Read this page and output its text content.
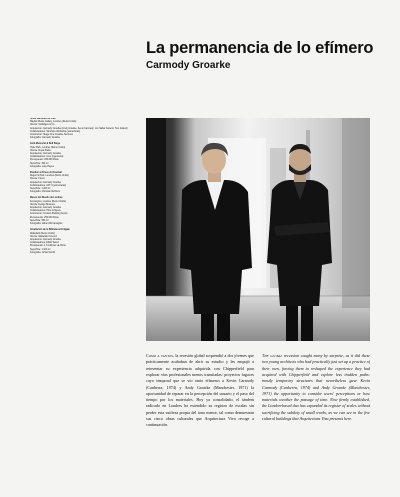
La permanencia de lo efímero
Carmody Groarke
Show Windows Mc Dan
Mayfair Mews Gallery, Londres (Reino Unido)
Cliente: Selfridges & Co.
Arquitectos: Carmody Groarke (Andy Groarke, Kevin Carmody; con Sahar Kazemi, Tom Ireland)
Colaboradores: Structure Workshop (estructuras)
Constructor: Stage One Creative Services
Fotografía: Carmody Groarke
Gold Memorial & Bell Stage
Hyde Park, Londres (Reino Unido)
Cliente: Royal Parks
Arquitectos: Carmody Groarke
Colaboradores: Arup (ingeniería)
Presupuesto: 450.000 libras
Superficie: 300 m²
Fotografía: Luke Hayes
Pavilion at Frieze Art Festival
Regent's Park, Londres (Reino Unido)
Cliente: Frieze
Arquitectos: Carmody Groarke
Colaboradores: AKT II (estructuras)
Superficie: 1.200 m²
Fotografía: Christian Richters
Museo del Diseño de Londres
Kensington, Londres (Reino Unido)
Cliente: Design Museum
Arquitectos: Carmody Groarke
Colaboradores: Price & Myers
Constructor: Coulson Building Group
Presupuesto: 250.000 libras
Superficie: 550 m²
Fotografía: Gilbert McCarragher
Ampliación de la Biblioteca Kirkgate
Wakefield (Reino Unido)
Cliente: Wakefield Council
Arquitectos: Carmody Groarke
Colaboradores: Elliott Wood
Presupuesto: 1,8 millones de libras
Superficie: 1.100 m²
Fotografía: Johan Dehlin

Como a tantos, la recesión global sorprendió a dos jóvenes que prácticamente acababan de abrir su estudio y les empujó a reinventar su experiencia adquirida con Chipperfield para explorar vías profesionales menos transitadas: proyectos fugaces cuyo temporal que se vio tanto efímeros a Kevin Carmody (Canberra, 1974) y Andy Groarke (Manchester, 1971) la oportunidad de reparar en la percepción del usuario y el paso del tiempo por los materiales. Hoy ya consolidado, el tándem radicado en Londres ha extendido su registro de escalas sin perder esta sutileza propia del tono menor, tal como demuestran sus cinco obras culturales que Arquitectura Viva recoge a continuación.

The global recession caught many by surprise, as it did these two young architects who had practically just set up a practice of their own, forcing them to reshaped the experience they had acquired with Chipperfield and explore less trodden paths: mostly temporary structures that nevertheless gave Kevin Carmody (Canberra, 1974) and Andy Groarke (Manchester, 1971) the opportunity to consider users' perceptions or how materials weather the passage of time. Now firmly established, the London-based duo has expanded its register of scales without sacrificing the subtlety of small works, as we can see in the five cultural buildings that Arquitectura Viva presents here.
